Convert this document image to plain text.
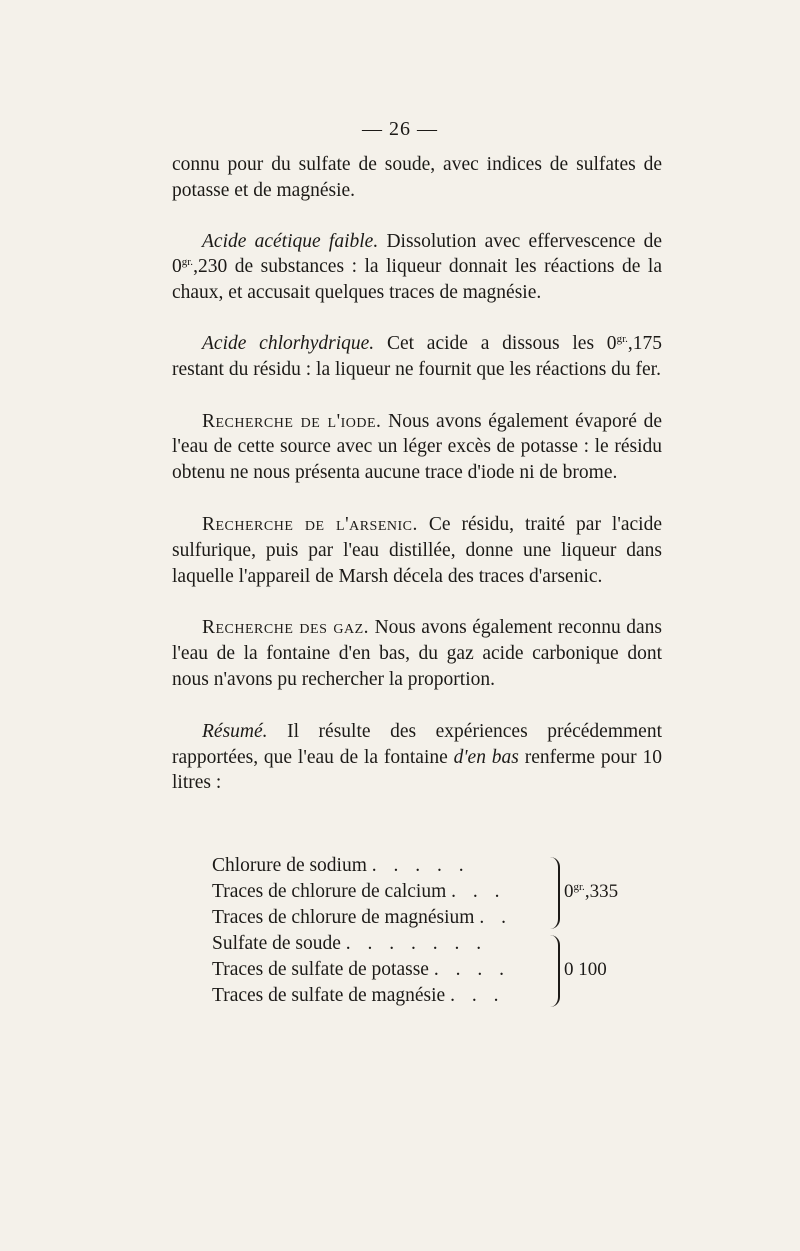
— 26 —

connu pour du sulfate de soude, avec indices de sulfates de potasse et de magnésie.

Acide acétique faible. Dissolution avec effervescence de $0^{gr.},230$ de substances : la liqueur donnait les réactions de la chaux, et accusait quelques traces de magnésie.

Acide chlorhydrique. Cet acide a dissous les $0^{gr.},175$ restant du résidu : la liqueur ne fournit que les réactions du fer.

Recherche de l'iode. Nous avons également évaporé de l'eau de cette source avec un léger excès de potasse : le résidu obtenu ne nous présenta aucune trace d'iode ni de brome.

Recherche de l'arsenic. Ce résidu, traité par l'acide sulfurique, puis par l'eau distillée, donne une liqueur dans laquelle l'appareil de Marsh décela des traces d'arsenic.

Recherche des gaz. Nous avons également reconnu dans l'eau de la fontaine d'en bas, du gaz acide carbonique dont nous n'avons pu rechercher la proportion.

Résumé. Il résulte des expériences précédemment rapportées, que l'eau de la fontaine d'en bas renferme pour 10 litres :

Chlorure de sodium . . . . .
Traces de chlorure de calcium . . .
Traces de chlorure de magnésium . .
$0^{gr.},335$
Sulfate de soude . . . . . . .
Traces de sulfate de potasse . . . .
Traces de sulfate de magnésie . . .
0 100
